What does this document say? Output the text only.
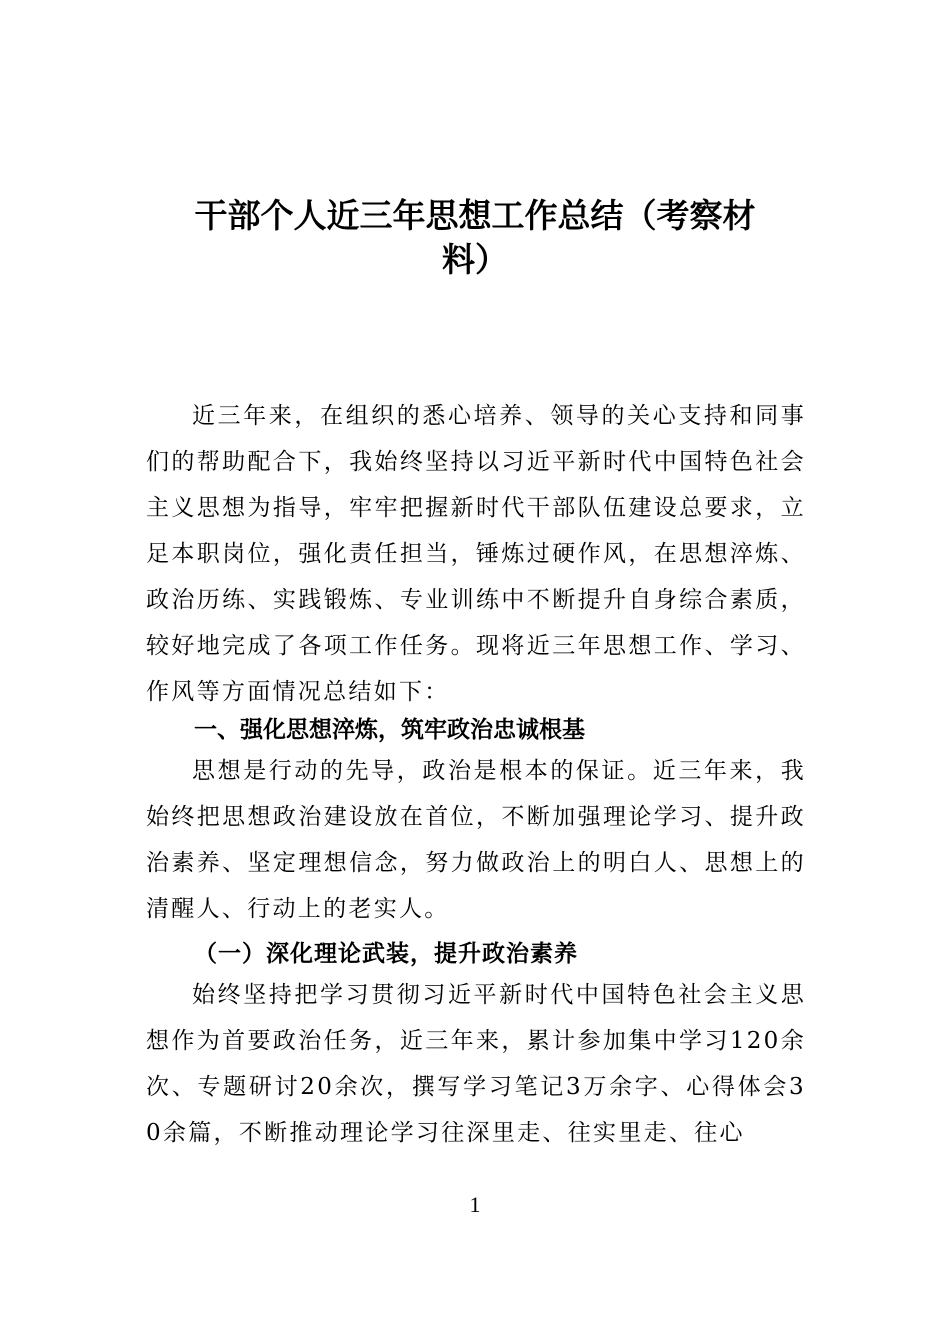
干部个人近三年思想工作总结（考察材
料）

近三年来，在组织的悉心培养、领导的关心支持和同事们的帮助配合下，我始终坚持以习近平新时代中国特色社会主义思想为指导，牢牢把握新时代干部队伍建设总要求，立足本职岗位，强化责任担当，锤炼过硬作风，在思想淬炼、政治历练、实践锻炼、专业训练中不断提升自身综合素质，较好地完成了各项工作任务。现将近三年思想工作、学习、作风等方面情况总结如下：

一、强化思想淬炼，筑牢政治忠诚根基

思想是行动的先导，政治是根本的保证。近三年来，我始终把思想政治建设放在首位，不断加强理论学习、提升政治素养、坚定理想信念，努力做政治上的明白人、思想上的清醒人、行动上的老实人。

（一）深化理论武装，提升政治素养

始终坚持把学习贯彻习近平新时代中国特色社会主义思想作为首要政治任务，近三年来，累计参加集中学习120余次、专题研讨20余次，撰写学习笔记3万余字、心得体会30余篇，不断推动理论学习往深里走、往实里走、往心

1
